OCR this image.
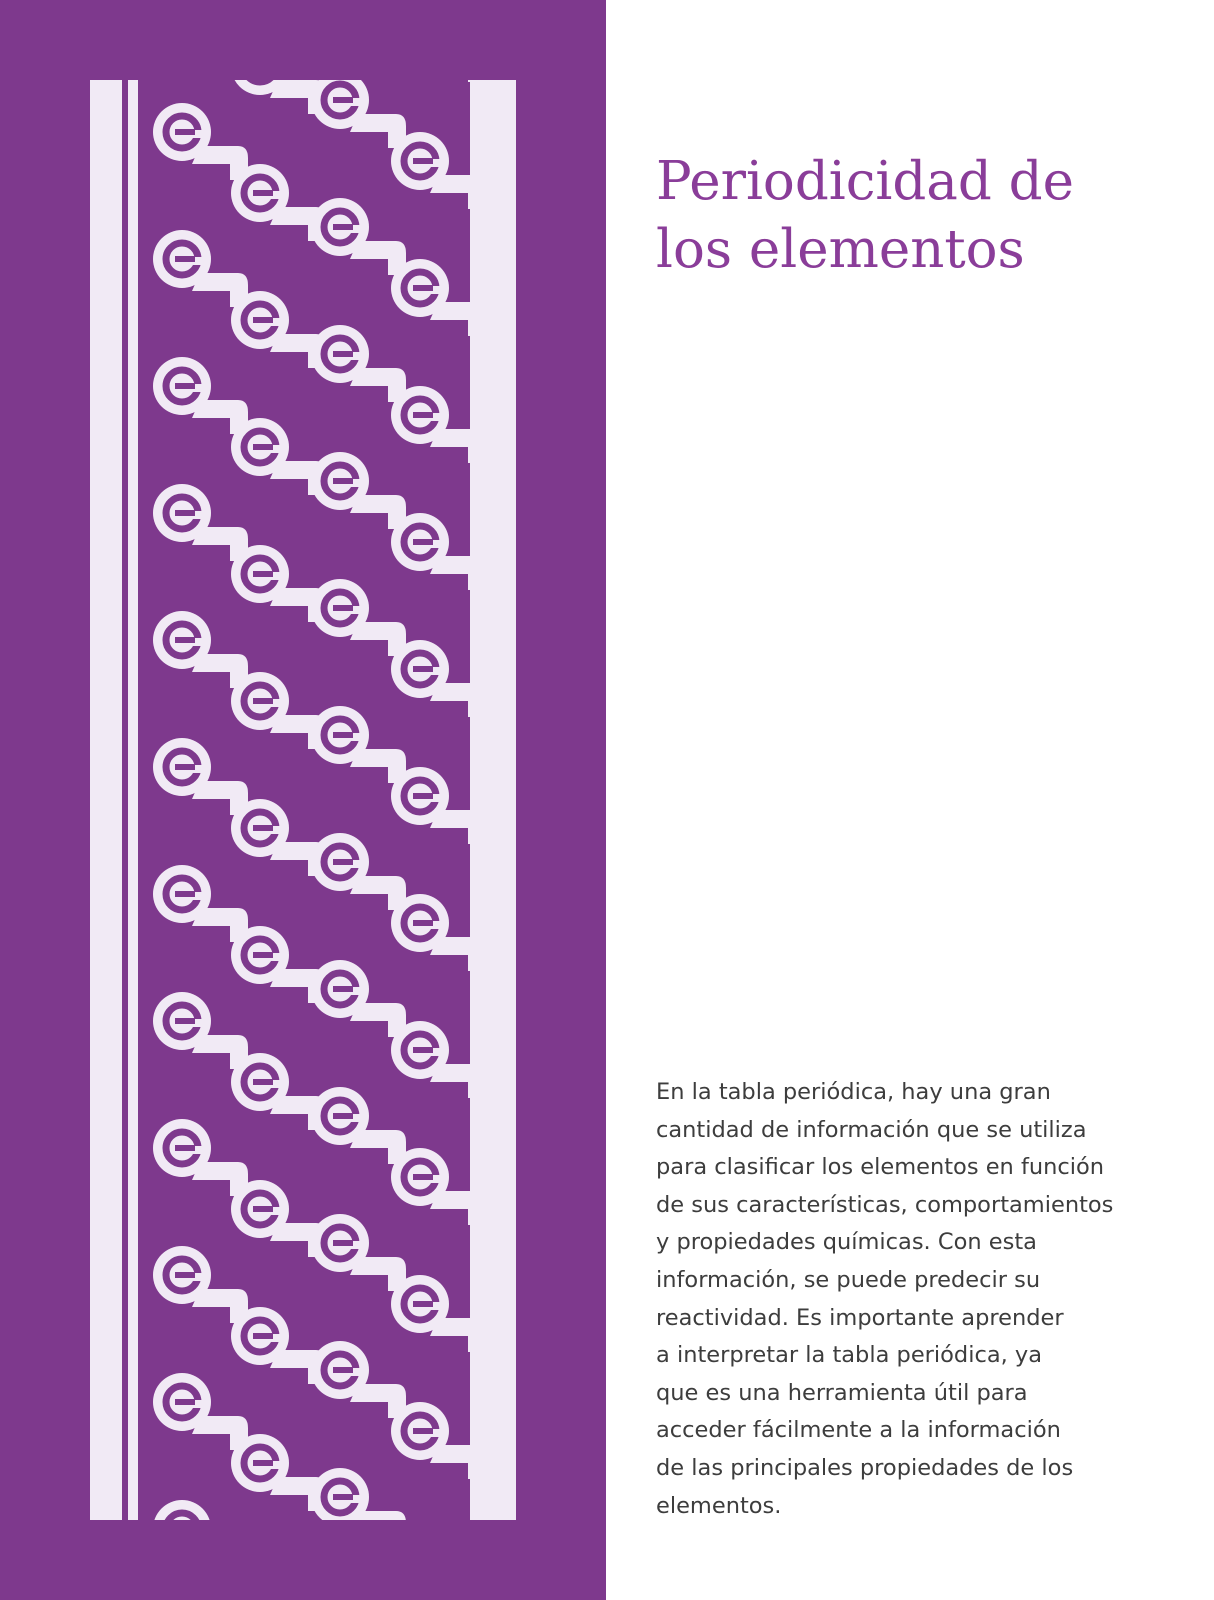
Periodicidad de
los elementos

En la tabla periódica, hay una gran
cantidad de información que se utiliza
para clasificar los elementos en función
de sus características, comportamientos
y propiedades químicas. Con esta
información, se puede predecir su
reactividad. Es importante aprender
a interpretar la tabla periódica, ya
que es una herramienta útil para
acceder fácilmente a la información
de las principales propiedades de los
elementos.
